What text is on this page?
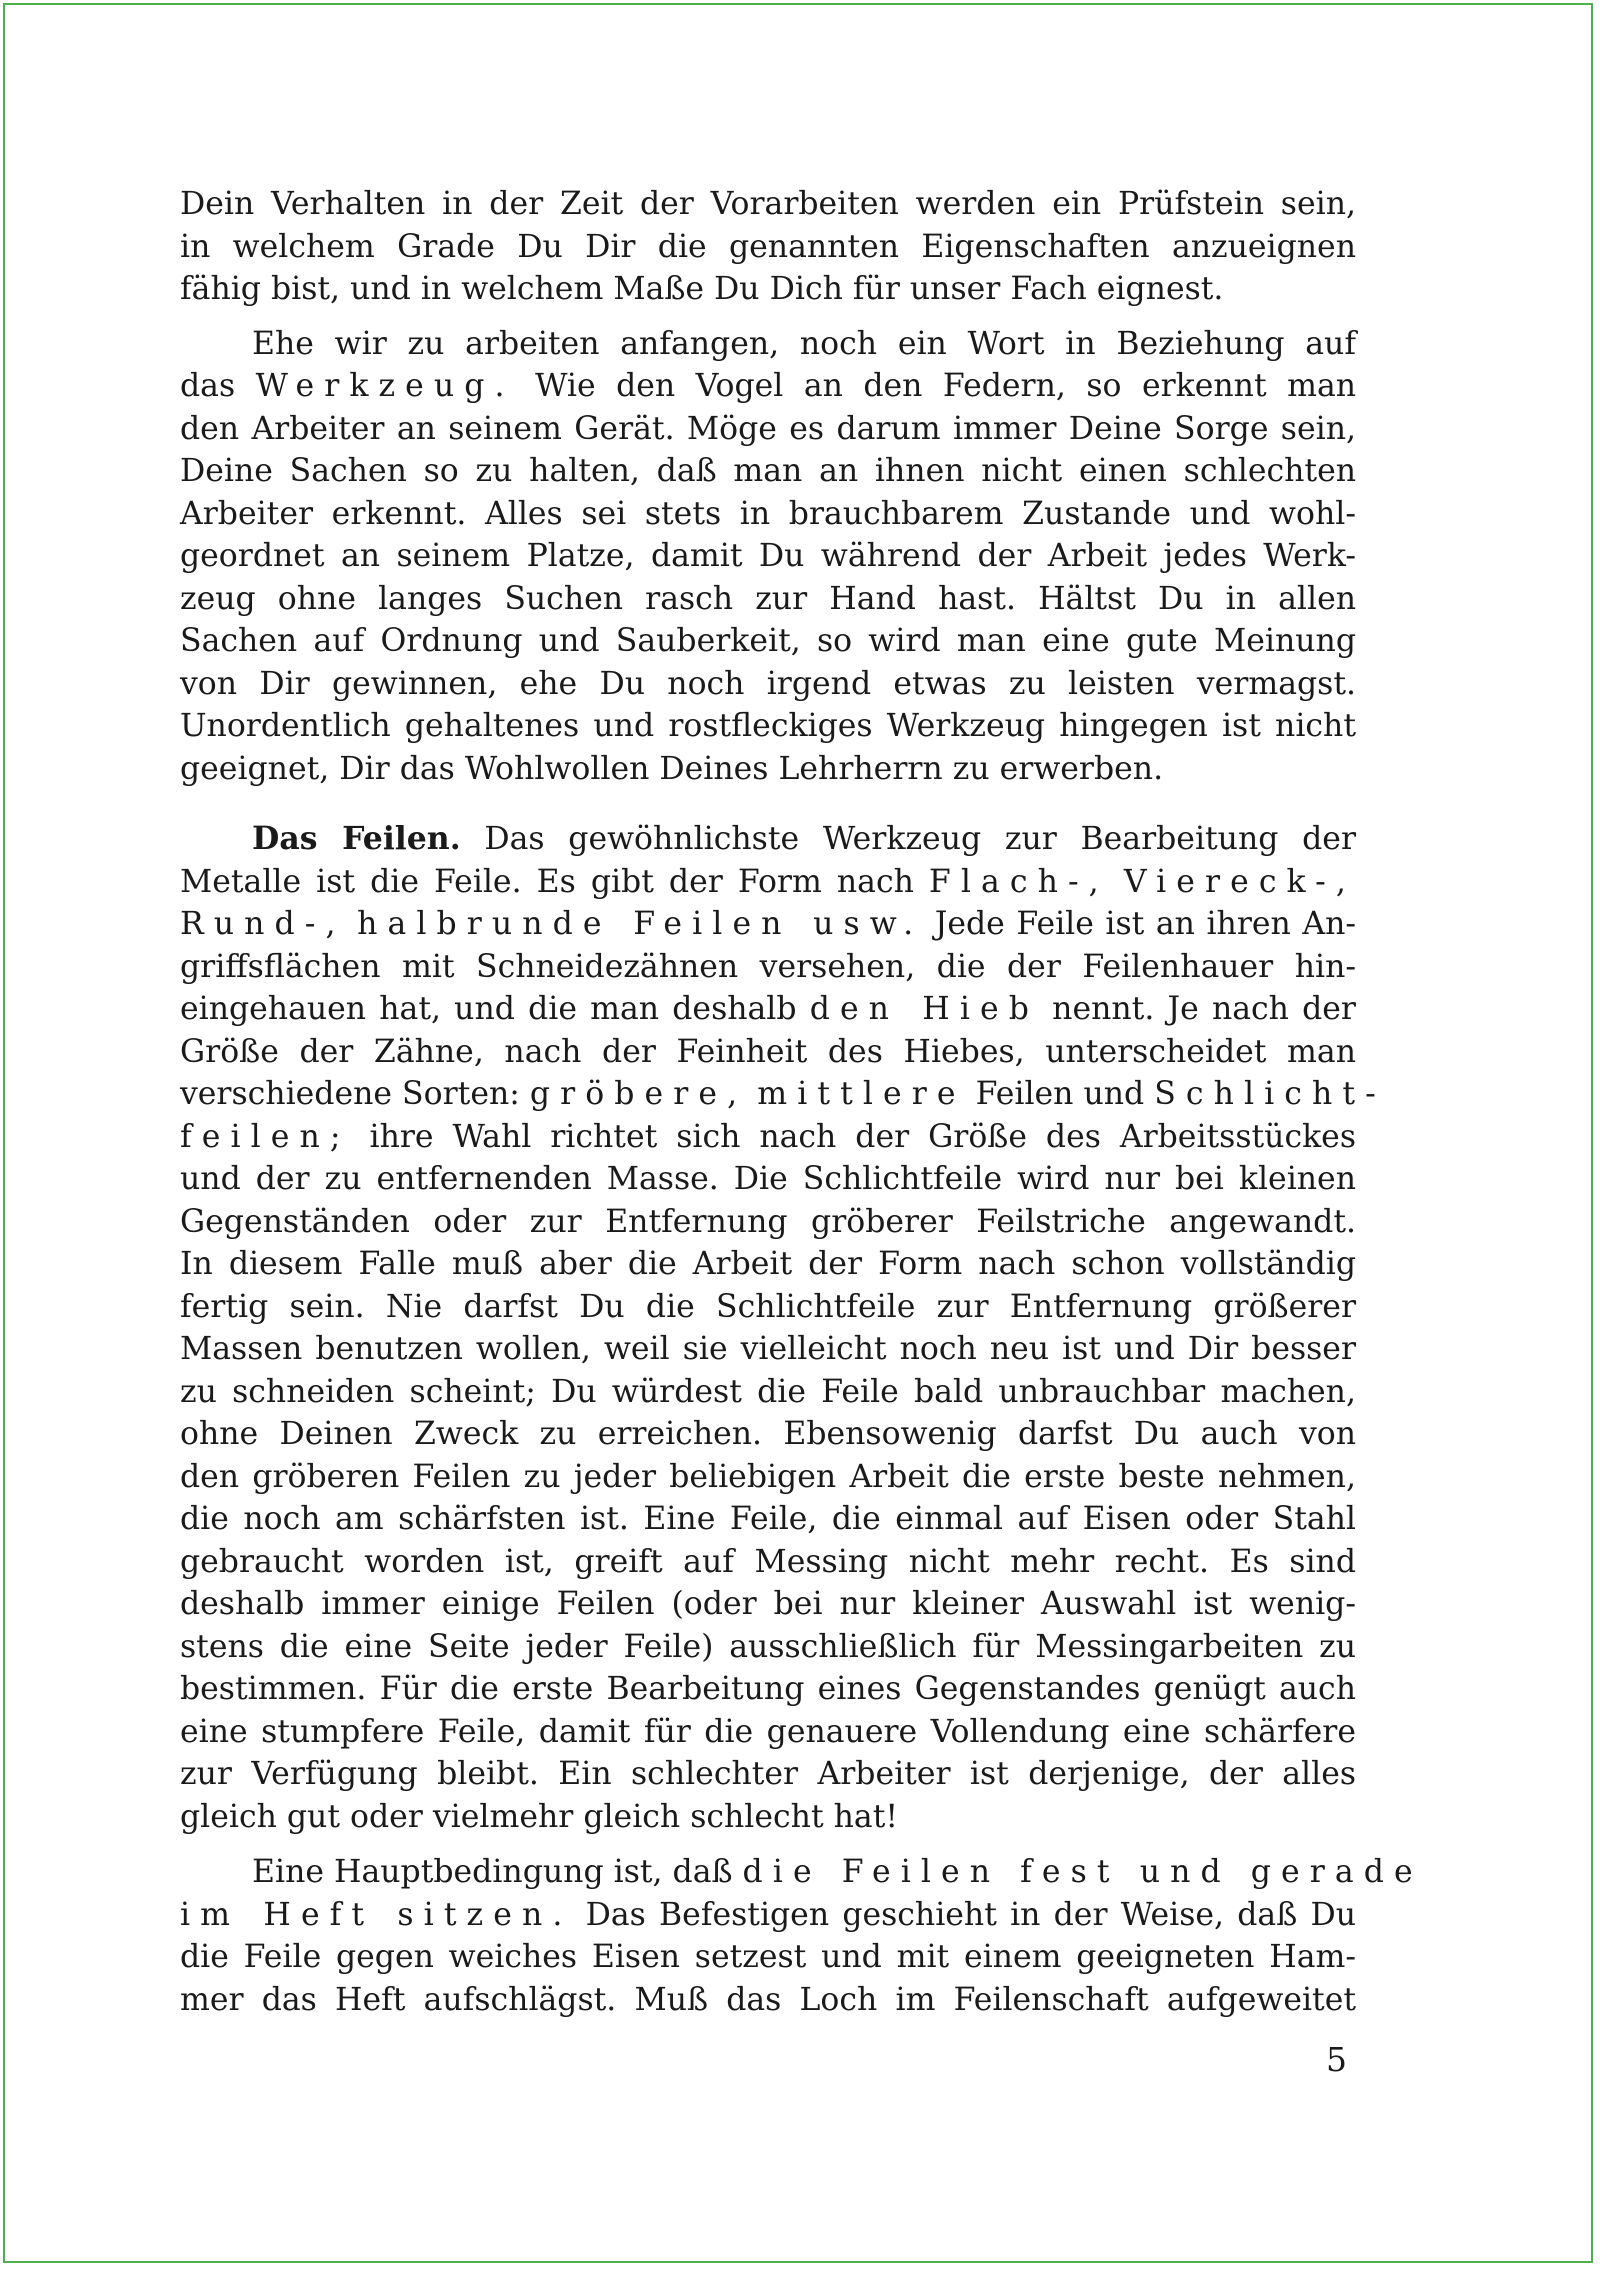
Dein Verhalten in der Zeit der Vorarbeiten werden ein Prüfstein sein,
in welchem Grade Du Dir die genannten Eigenschaften anzueignen
fähig bist, und in welchem Maße Du Dich für unser Fach eignest.
Ehe wir zu arbeiten anfangen, noch ein Wort in Beziehung auf
das Werkzeug. Wie den Vogel an den Federn, so erkennt man
den Arbeiter an seinem Gerät. Möge es darum immer Deine Sorge sein,
Deine Sachen so zu halten, daß man an ihnen nicht einen schlechten
Arbeiter erkennt. Alles sei stets in brauchbarem Zustande und wohl-
geordnet an seinem Platze, damit Du während der Arbeit jedes Werk-
zeug ohne langes Suchen rasch zur Hand hast. Hältst Du in allen
Sachen auf Ordnung und Sauberkeit, so wird man eine gute Meinung
von Dir gewinnen, ehe Du noch irgend etwas zu leisten vermagst.
Unordentlich gehaltenes und rostfleckiges Werkzeug hingegen ist nicht
geeignet, Dir das Wohlwollen Deines Lehrherrn zu erwerben.
Das Feilen. Das gewöhnlichste Werkzeug zur Bearbeitung der
Metalle ist die Feile. Es gibt der Form nach Flach-, Viereck-,
Rund-, halbrunde Feilen usw. Jede Feile ist an ihren An-
griffsflächen mit Schneidezähnen versehen, die der Feilenhauer hin-
eingehauen hat, und die man deshalb den Hieb nennt. Je nach der
Größe der Zähne, nach der Feinheit des Hiebes, unterscheidet man
verschiedene Sorten: gröbere, mittlere Feilen und Schlicht-
feilen; ihre Wahl richtet sich nach der Größe des Arbeitsstückes
und der zu entfernenden Masse. Die Schlichtfeile wird nur bei kleinen
Gegenständen oder zur Entfernung gröberer Feilstriche angewandt.
In diesem Falle muß aber die Arbeit der Form nach schon vollständig
fertig sein. Nie darfst Du die Schlichtfeile zur Entfernung größerer
Massen benutzen wollen, weil sie vielleicht noch neu ist und Dir besser
zu schneiden scheint; Du würdest die Feile bald unbrauchbar machen,
ohne Deinen Zweck zu erreichen. Ebensowenig darfst Du auch von
den gröberen Feilen zu jeder beliebigen Arbeit die erste beste nehmen,
die noch am schärfsten ist. Eine Feile, die einmal auf Eisen oder Stahl
gebraucht worden ist, greift auf Messing nicht mehr recht. Es sind
deshalb immer einige Feilen (oder bei nur kleiner Auswahl ist wenig-
stens die eine Seite jeder Feile) ausschließlich für Messingarbeiten zu
bestimmen. Für die erste Bearbeitung eines Gegenstandes genügt auch
eine stumpfere Feile, damit für die genauere Vollendung eine schärfere
zur Verfügung bleibt. Ein schlechter Arbeiter ist derjenige, der alles
gleich gut oder vielmehr gleich schlecht hat!
Eine Hauptbedingung ist, daß die Feilen fest und gerade
im Heft sitzen. Das Befestigen geschieht in der Weise, daß Du
die Feile gegen weiches Eisen setzest und mit einem geeigneten Ham-
mer das Heft aufschlägst. Muß das Loch im Feilenschaft aufgeweitet
5
